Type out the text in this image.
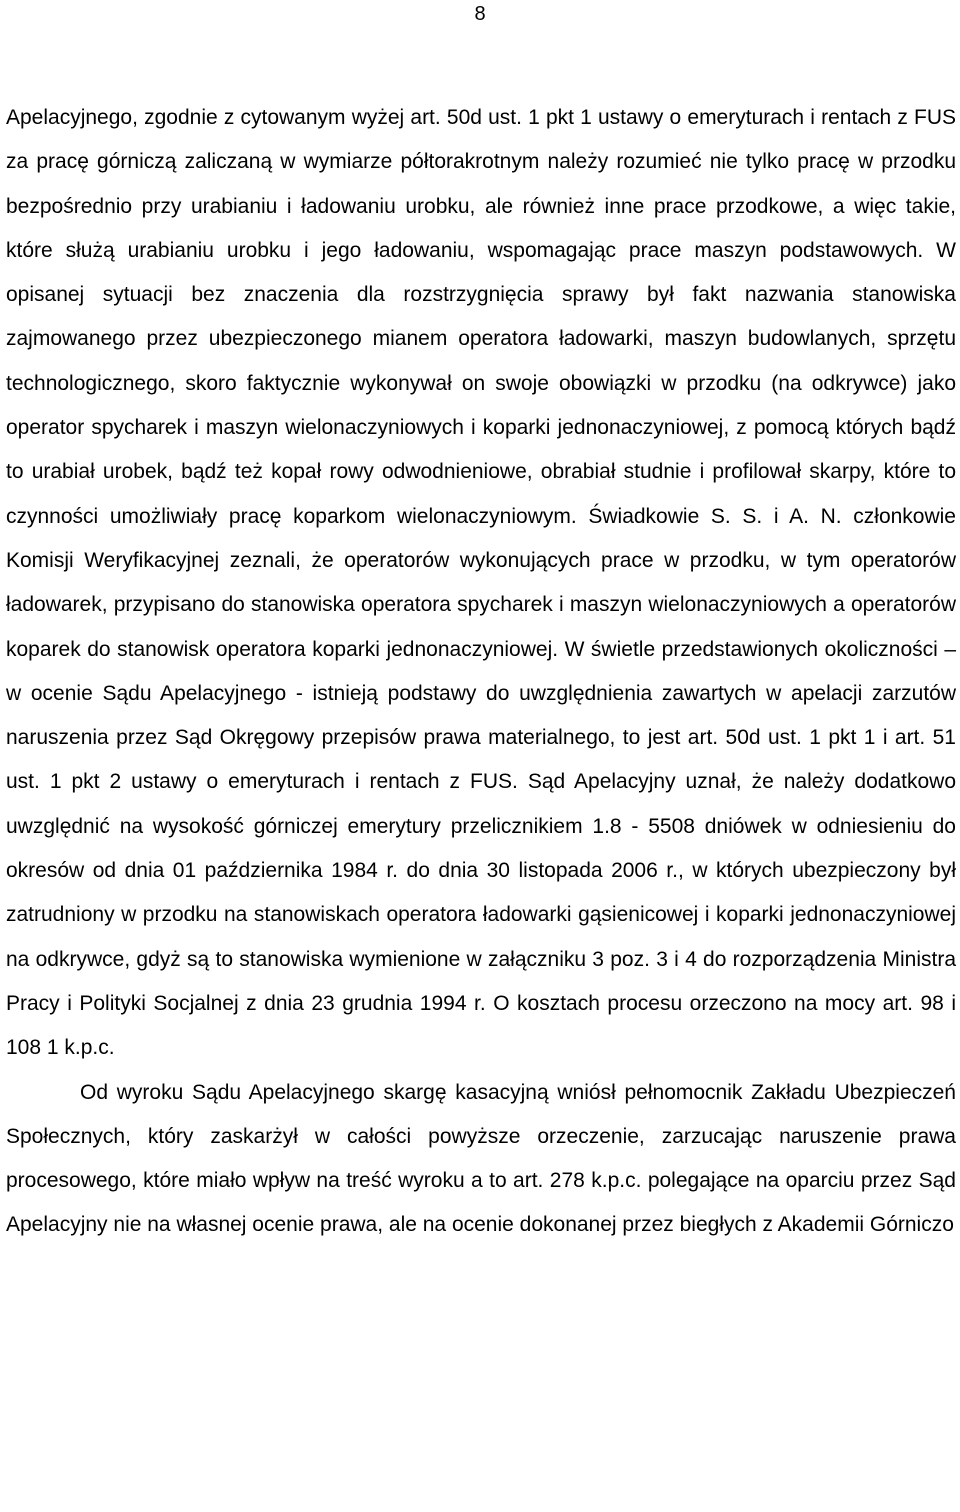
8

Apelacyjnego, zgodnie z cytowanym wyżej art. 50d ust. 1 pkt 1 ustawy o emeryturach i rentach z FUS za pracę górniczą zaliczaną w wymiarze półtorakrotnym należy rozumieć nie tylko pracę w przodku bezpośrednio przy urabianiu i ładowaniu urobku, ale również inne prace przodkowe, a więc takie, które służą urabianiu urobku i jego ładowaniu, wspomagając prace maszyn podstawowych. W opisanej sytuacji bez znaczenia dla rozstrzygnięcia sprawy był fakt nazwania stanowiska zajmowanego przez ubezpieczonego mianem operatora ładowarki, maszyn budowlanych, sprzętu technologicznego, skoro faktycznie wykonywał on swoje obowiązki w przodku (na odkrywce) jako operator spycharek i maszyn wielonaczyniowych i koparki jednonaczyniowej, z pomocą których bądź to urabiał urobek, bądź też kopał rowy odwodnieniowe, obrabiał studnie i profilował skarpy, które to czynności umożliwiały pracę koparkom wielonaczyniowym. Świadkowie S. S. i A. N. członkowie Komisji Weryfikacyjnej zeznali, że operatorów wykonujących prace w przodku, w tym operatorów ładowarek, przypisano do stanowiska operatora spycharek i maszyn wielonaczyniowych a operatorów koparek do stanowisk operatora koparki jednonaczyniowej. W świetle przedstawionych okoliczności – w ocenie Sądu Apelacyjnego - istnieją podstawy do uwzględnienia zawartych w apelacji zarzutów naruszenia przez Sąd Okręgowy przepisów prawa materialnego, to jest art. 50d ust. 1 pkt 1 i art. 51 ust. 1 pkt 2 ustawy o emeryturach i rentach z FUS. Sąd Apelacyjny uznał, że należy dodatkowo uwzględnić na wysokość górniczej emerytury przelicznikiem 1.8 - 5508 dniówek w odniesieniu do okresów od dnia 01 października 1984 r. do dnia 30 listopada 2006 r., w których ubezpieczony był zatrudniony w przodku na stanowiskach operatora ładowarki gąsienicowej i koparki jednonaczyniowej na odkrywce, gdyż są to stanowiska wymienione w załączniku 3 poz. 3 i 4 do rozporządzenia Ministra Pracy i Polityki Socjalnej z dnia 23 grudnia 1994 r. O kosztach procesu orzeczono na mocy art. 98 i 108 1 k.p.c.

Od wyroku Sądu Apelacyjnego skargę kasacyjną wniósł pełnomocnik Zakładu Ubezpieczeń Społecznych, który zaskarżył w całości powyższe orzeczenie, zarzucając naruszenie prawa procesowego, które miało wpływ na treść wyroku a to art. 278 k.p.c. polegające na oparciu przez Sąd Apelacyjny nie na własnej ocenie prawa, ale na ocenie dokonanej przez biegłych z Akademii Górniczo
